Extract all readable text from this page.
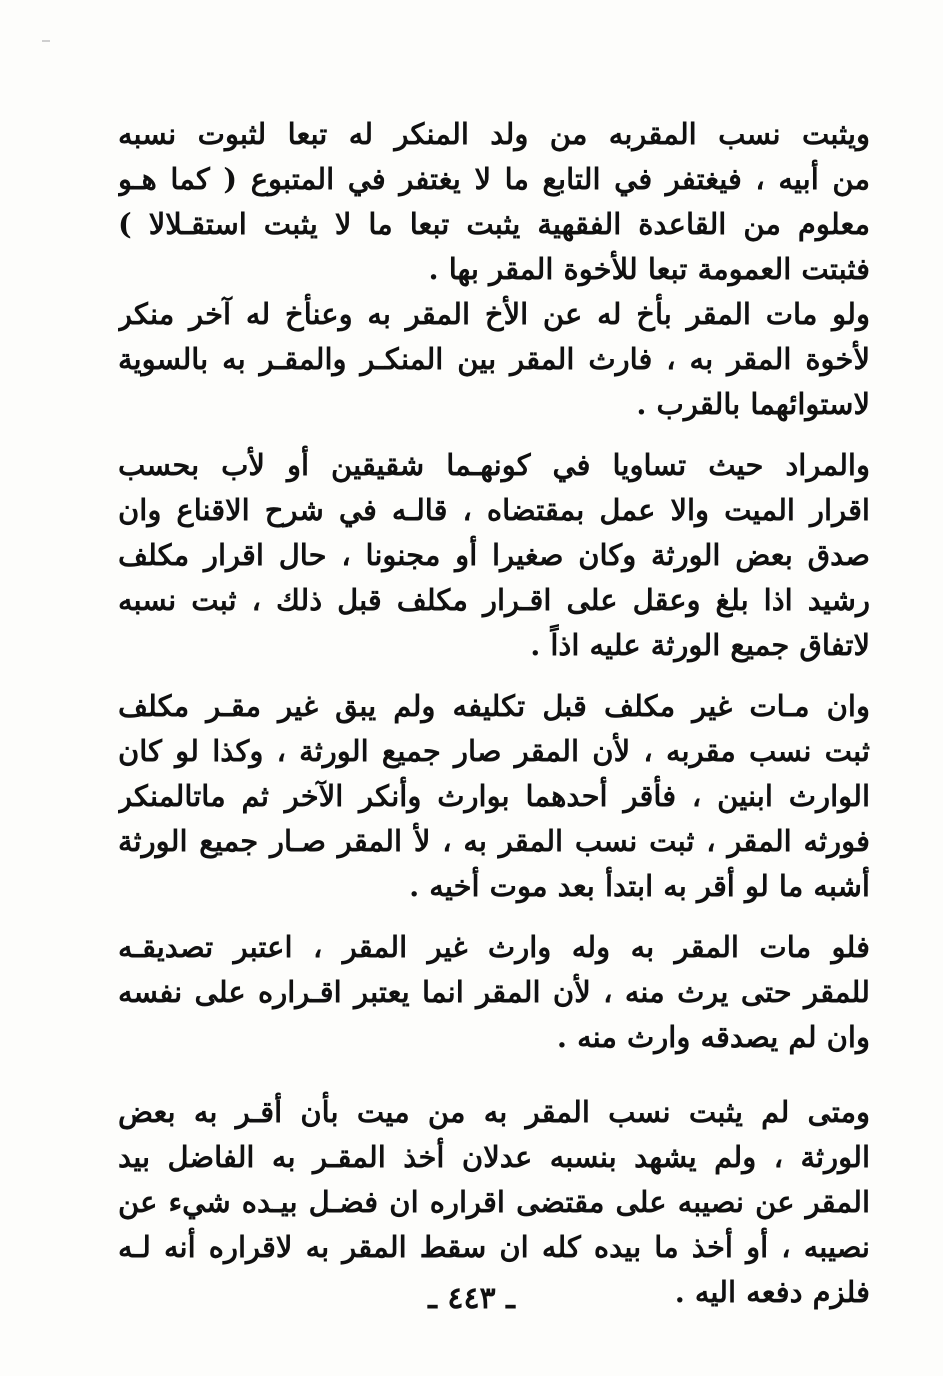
ويثبت نسب المقربه من ولد المنكر له تبعا لثبوت نسبه
من أبيه ، فيغتفر في التابع ما لا يغتفر في المتبوع ( كما هـو
معلوم من القاعدة الفقهية يثبت تبعا ما لا يثبت استقـلالا )
فثبتت العمومة تبعا للأخوة المقر بها .
ولو مات المقر بأخ له عن الأخ المقر به وعنأخ له آخر منكر
لأخوة المقر به ، فارث المقر بين المنكـر والمقـر به بالسوية
لاستوائهما بالقرب .
والمراد حيث تساويا في كونهـما شقيقين أو لأب بحسب
اقرار الميت والا عمل بمقتضاه ، قالـه في شرح الاقناع وان
صدق بعض الورثة وكان صغيرا أو مجنونا ، حال اقرار مكلف
رشيد اذا بلغ وعقل على اقـرار مكلف قبل ذلك ، ثبت نسبه
لاتفاق جميع الورثة عليه اذاً .
وان مـات غير مكلف قبل تكليفه ولم يبق غير مقـر مكلف
ثبت نسب مقربه ، لأن المقر صار جميع الورثة ، وكذا لو كان
الوارث ابنين ، فأقر أحدهما بوارث وأنكر الآخر ثم ماتالمنكر
فورثه المقر ، ثبت نسب المقر به ، لأ المقر صـار جميع الورثة
أشبه ما لو أقر به ابتدأ بعد موت أخيه .
فلو مات المقر به وله وارث غير المقر ، اعتبر تصديقـه
للمقر حتى يرث منه ، لأن المقر انما يعتبر اقـراره على نفسه
وان لم يصدقه وارث منه .
ومتى لم يثبت نسب المقر به من ميت بأن أقـر به بعض
الورثة ، ولم يشهد بنسبه عدلان أخذ المقـر به الفاضل بيد
المقر عن نصيبه على مقتضى اقراره ان فضـل بيـده شيء عن
نصيبه ، أو أخذ ما بيده كله ان سقط المقر به لاقراره أنه لـه
فلزم دفعه اليه .
ـ ٤٤٣ ـ
